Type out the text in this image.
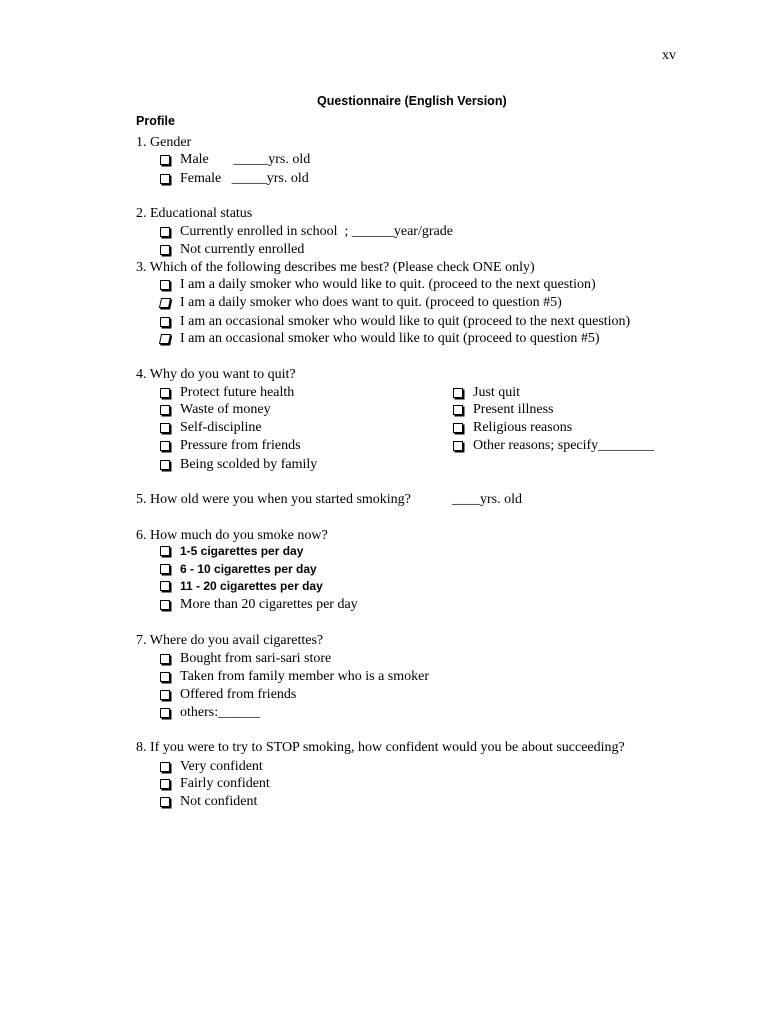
xv
Questionnaire (English Version)
Profile
1. Gender
Male       _____yrs. old
Female   _____yrs. old
2. Educational status
Currently enrolled in school  ; ______year/grade
Not currently enrolled
3. Which of the following describes me best? (Please check ONE only)
I am a daily smoker who would like to quit. (proceed to the next question)
I am a daily smoker who does want to quit. (proceed to question #5)
I am an occasional smoker who would like to quit (proceed to the next question)
I am an occasional smoker who would like to quit (proceed to question #5)
4. Why do you want to quit?
Protect future health
Waste of money
Self-discipline
Pressure from friends
Being scolded by family
Just quit
Present illness
Religious reasons
Other reasons; specify________
5. How old were you when you started smoking?	____yrs. old
6. How much do you smoke now?
1-5 cigarettes per day
6 - 10 cigarettes per day
11 - 20 cigarettes per day
More than 20 cigarettes per day
7. Where do you avail cigarettes?
Bought from sari-sari store
Taken from family member who is a smoker
Offered from friends
others:______
8. If you were to try to STOP smoking, how confident would you be about succeeding?
Very confident
Fairly confident
Not confident
